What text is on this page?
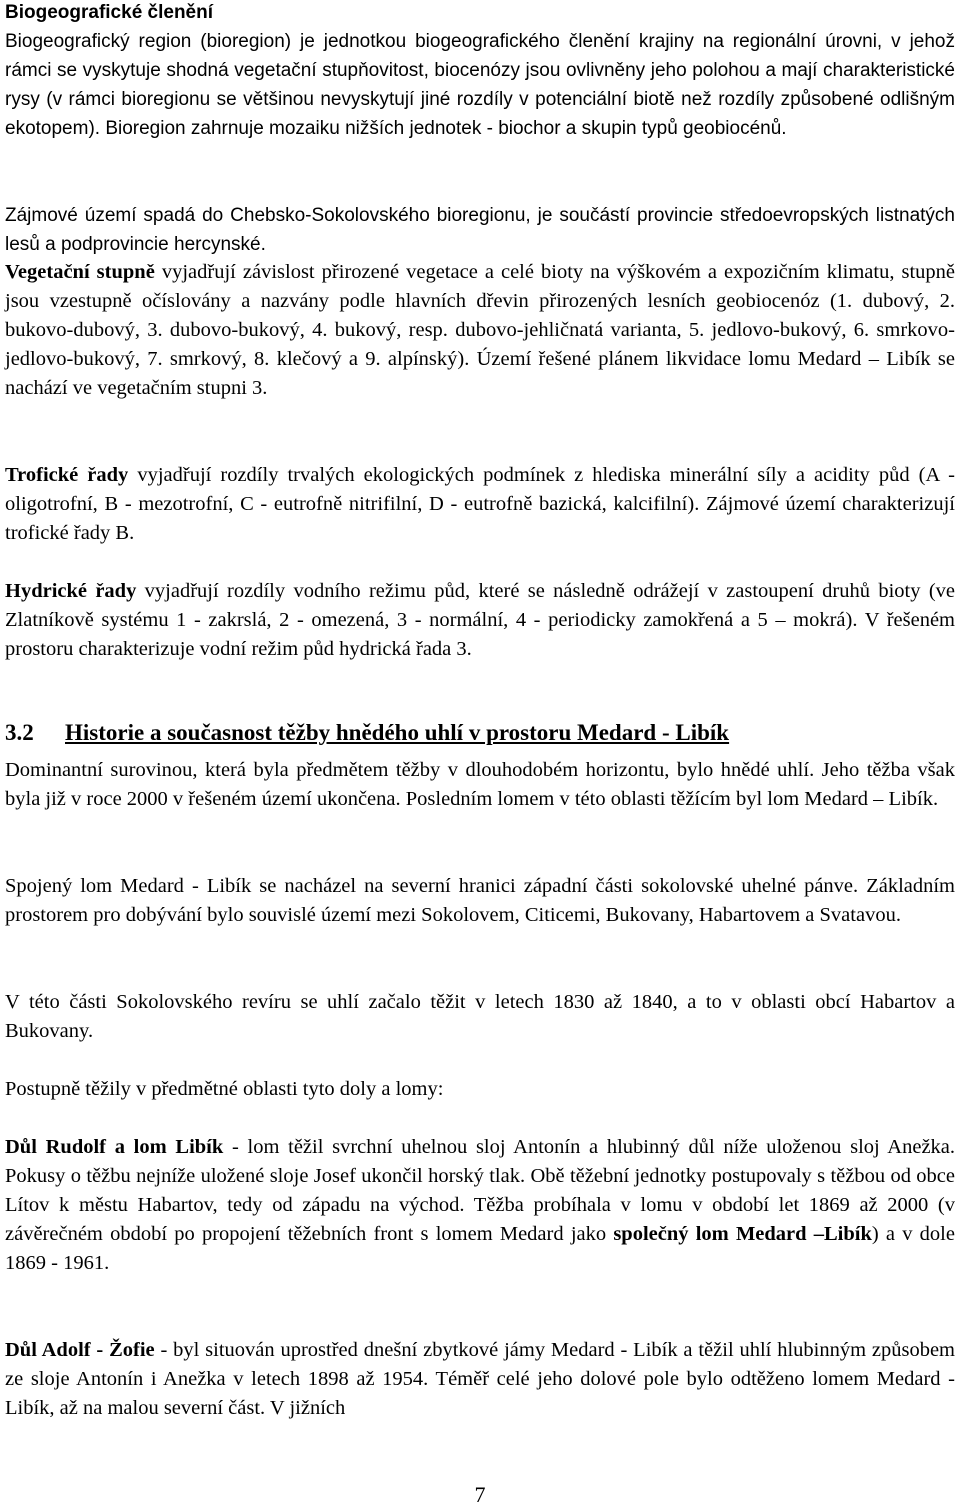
Biogeografické členění

Biogeografický region (bioregion) je jednotkou biogeografického členění krajiny na regionální úrovni, v jehož rámci se vyskytuje shodná vegetační stupňovitost, biocenózy jsou ovlivněny jeho polohou a mají charakteristické rysy (v rámci bioregionu se většinou nevyskytují jiné rozdíly v potenciální biotě než rozdíly způsobené odlišným ekotopem). Bioregion zahrnuje mozaiku nižších jednotek - biochor a skupin typů geobiocénů.

Zájmové území spadá do Chebsko-Sokolovského bioregionu, je součástí provincie středoevropských listnatých lesů a podprovincie hercynské.

Vegetační stupně vyjadřují závislost přirozené vegetace a celé bioty na výškovém a expozičním klimatu, stupně jsou vzestupně očíslovány a nazvány podle hlavních dřevin přirozených lesních geobiocenóz (1. dubový, 2. bukovo-dubový, 3. dubovo-bukový, 4. bukový, resp. dubovo-jehličnatá varianta, 5. jedlovo-bukový, 6. smrkovo-jedlovo-bukový, 7. smrkový, 8. klečový a 9. alpínský). Území řešené plánem likvidace lomu Medard – Libík se nachází ve vegetačním stupni 3.

Trofické řady vyjadřují rozdíly trvalých ekologických podmínek z hlediska minerální síly a acidity půd (A - oligotrofní, B - mezotrofní, C - eutrofně nitrifilní, D - eutrofně bazická, kalcifilní). Zájmové území charakterizují trofické řady B.

Hydrické řady vyjadřují rozdíly vodního režimu půd, které se následně odrážejí v zastoupení druhů bioty (ve Zlatníkově systému 1 - zakrslá, 2 - omezená, 3 - normální, 4 - periodicky zamokřená a 5 – mokrá). V řešeném prostoru charakterizuje vodní režim půd hydrická řada 3.

3.2 Historie a současnost těžby hnědého uhlí v prostoru Medard - Libík

Dominantní surovinou, která byla předmětem těžby v dlouhodobém horizontu, bylo hnědé uhlí. Jeho těžba však byla již v roce 2000 v řešeném území ukončena. Posledním lomem v této oblasti těžícím byl lom Medard – Libík.

Spojený lom Medard - Libík se nacházel na severní hranici západní části sokolovské uhelné pánve. Základním prostorem pro dobývání bylo souvislé území mezi Sokolovem, Citicemi, Bukovany, Habartovem a Svatavou.

V této části Sokolovského revíru se uhlí začalo těžit v letech 1830 až 1840, a to v oblasti obcí Habartov a Bukovany.

Postupně těžily v předmětné oblasti tyto doly a lomy:

Důl Rudolf a lom Libík - lom těžil svrchní uhelnou sloj Antonín a hlubinný důl níže uloženou sloj Anežka. Pokusy o těžbu nejníže uložené sloje Josef ukončil horský tlak. Obě těžební jednotky postupovaly s těžbou od obce Lítov k městu Habartov, tedy od západu na východ. Těžba probíhala v lomu v období let 1869 až 2000 (v závěrečném období po propojení těžebních front s lomem Medard jako společný lom Medard –Libík) a v dole 1869 - 1961.

Důl Adolf - Žofie - byl situován uprostřed dnešní zbytkové jámy Medard - Libík a těžil uhlí hlubinným způsobem ze sloje Antonín i Anežka v letech 1898 až 1954. Téměř celé jeho dolové pole bylo odtěženo lomem Medard - Libík, až na malou severní část. V jižních

7
